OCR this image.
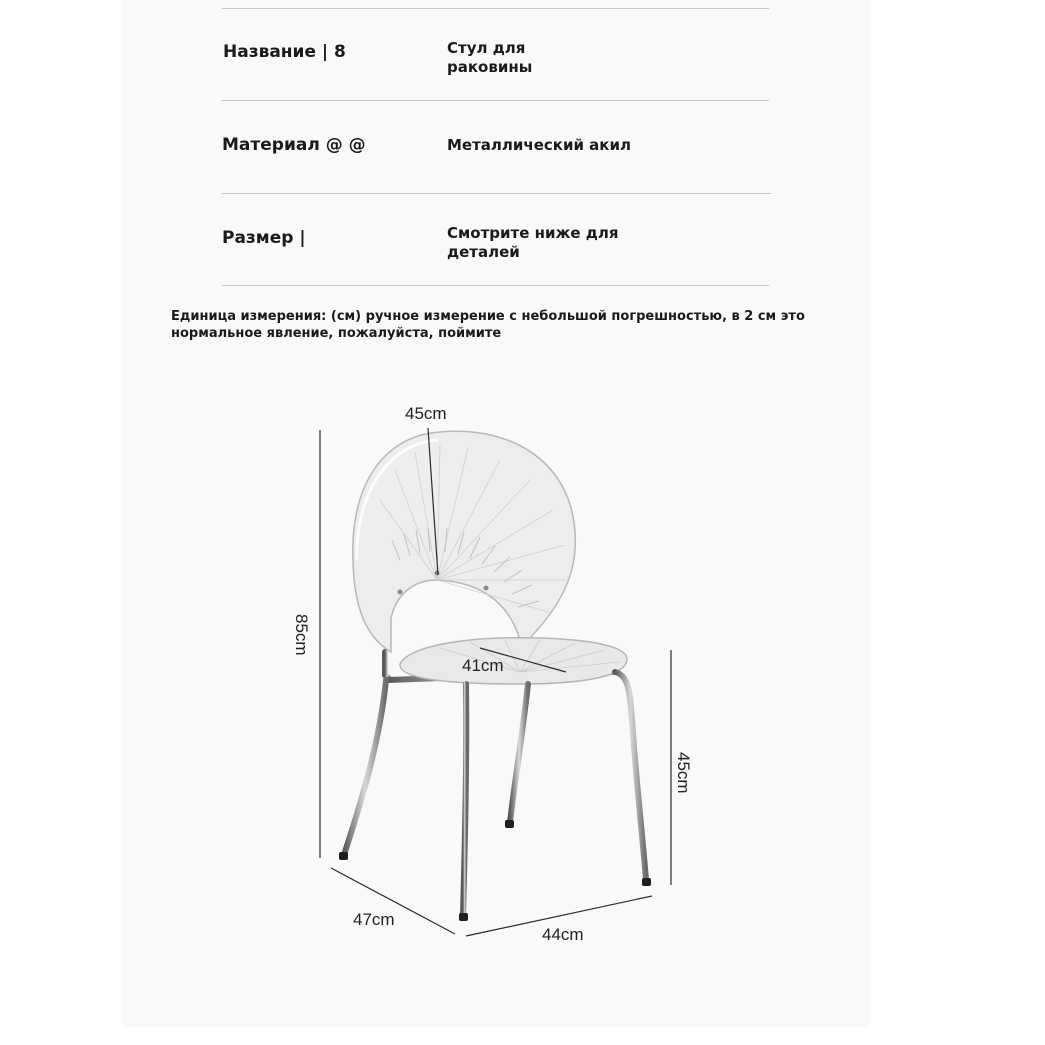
Название | 8	Стул для раковины
Материал @ @	Металлический акил
Размер |	Смотрите ниже для деталей
Единица измерения: (см) ручное измерение с небольшой погрешностью, в 2 см это нормальное явление, пожалуйста, поймите
45cm
85cm
41cm
45cm
47cm
44cm
